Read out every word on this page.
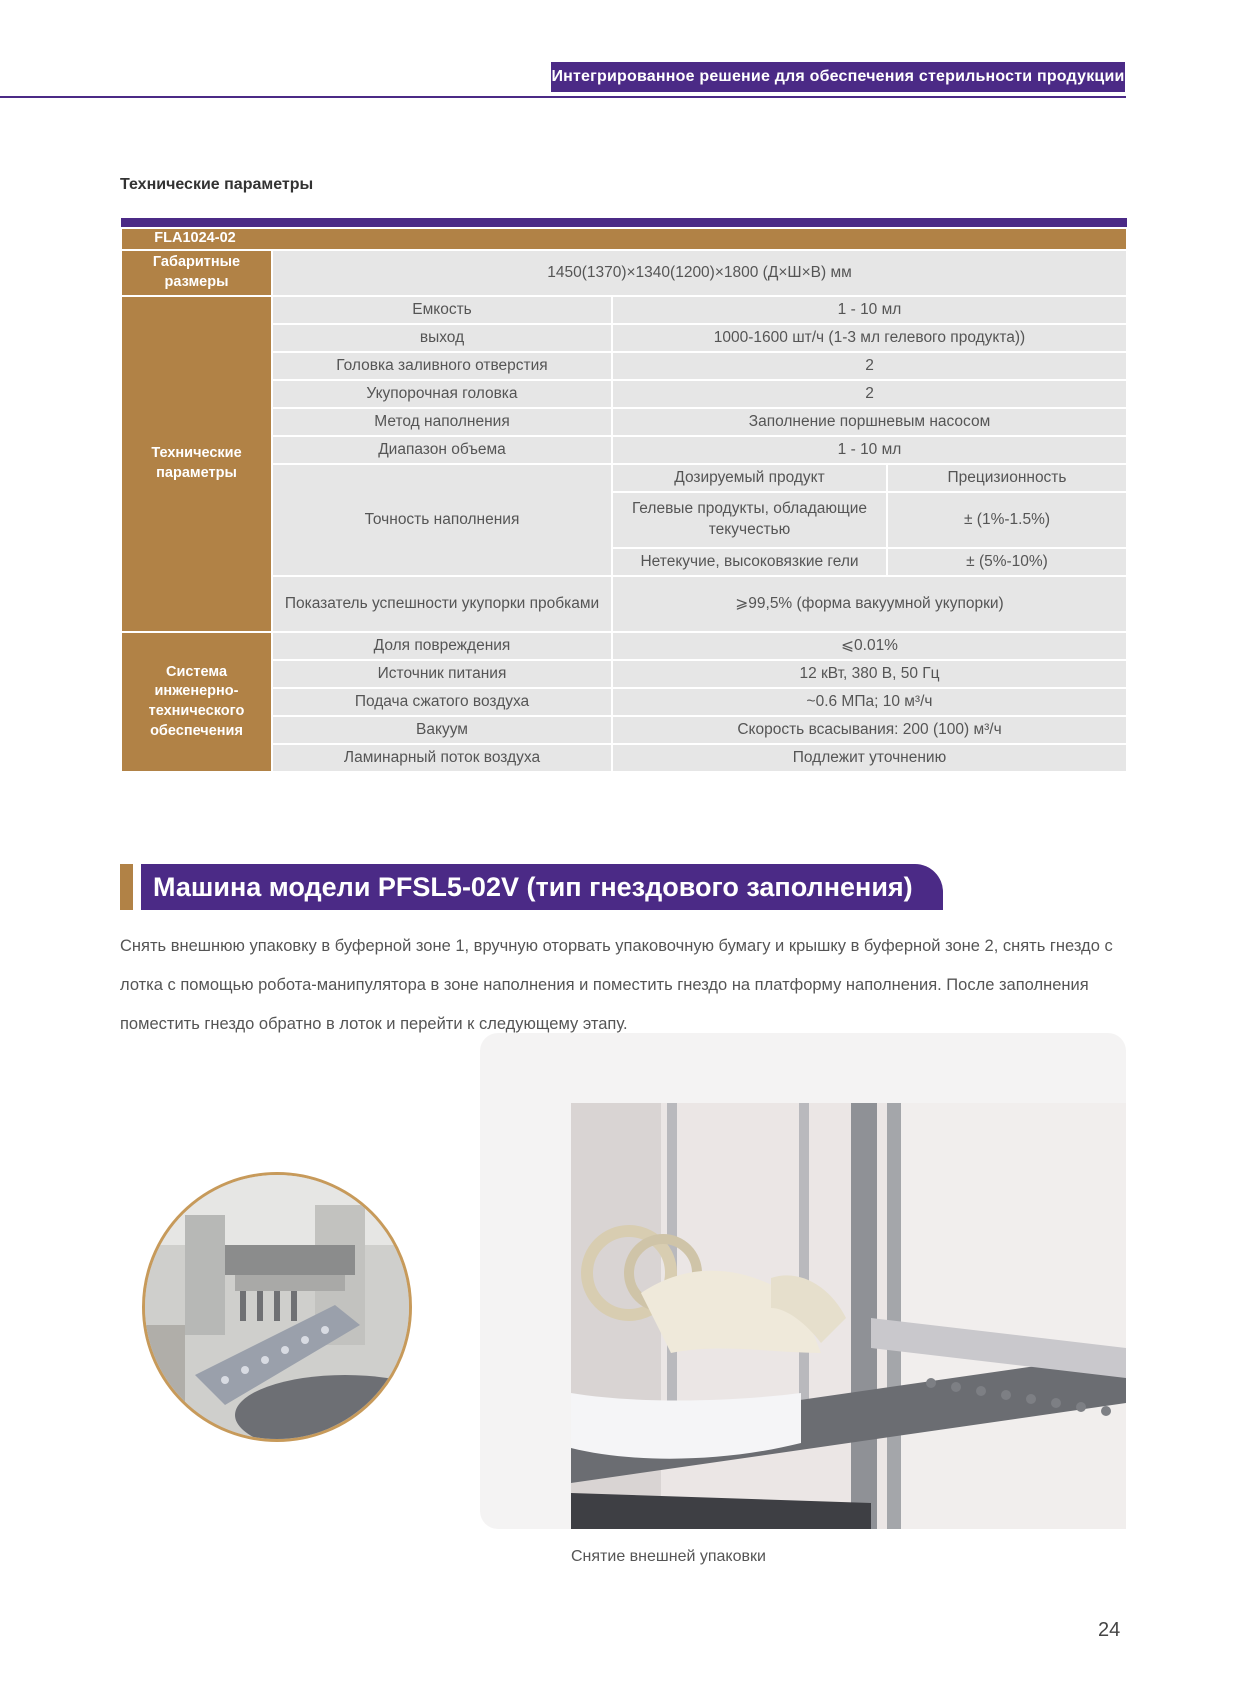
Интегрированное решение для обеспечения стерильности продукции
Технические параметры

FLA1024-02			

Габаритные размеры	1450(1370)×1340(1200)×1800 (Д×Ш×В) мм		
Технические параметры	Емкость	1 - 10 мл	
	выход	1000-1600 шт/ч (1-3 мл гелевого продукта))	
	Головка заливного отверстия	2	
	Укупорочная головка	2	
	Метод наполнения	Заполнение поршневым насосом	
	Диапазон объема	1 - 10 мл	
	Точность наполнения	Дозируемый продукт	Прецизионность
		Гелевые продукты, обладающие текучестью	± (1%-1.5%)
		Нетекучие, высоковязкие гели	± (5%-10%)

	Показатель успешности укупорки пробками	⩾99,5% (форма вакуумной укупорки)	
Система инженерно-технического обеспечения	Доля повреждения	⩽0.01%	
	Источник питания	12 кВт, 380 В, 50 Гц	
	Подача сжатого воздуха	~0.6 МПа; 10 м³/ч	
	Вакуум	Скорость всасывания: 200 (100) м³/ч	
	Ламинарный поток воздуха	Подлежит уточнению	
Машина модели PFSL5-02V (тип гнездового заполнения)
Снять внешнюю упаковку в буферной зоне 1, вручную оторвать упаковочную бумагу и крышку в буферной зоне 2, снять гнездо с лотка с помощью робота-манипулятора в зоне наполнения и поместить гнездо на платформу наполнения. После заполнения поместить гнездо обратно в лоток и перейти к следующему этапу.
Снятие внешней упаковки
24
